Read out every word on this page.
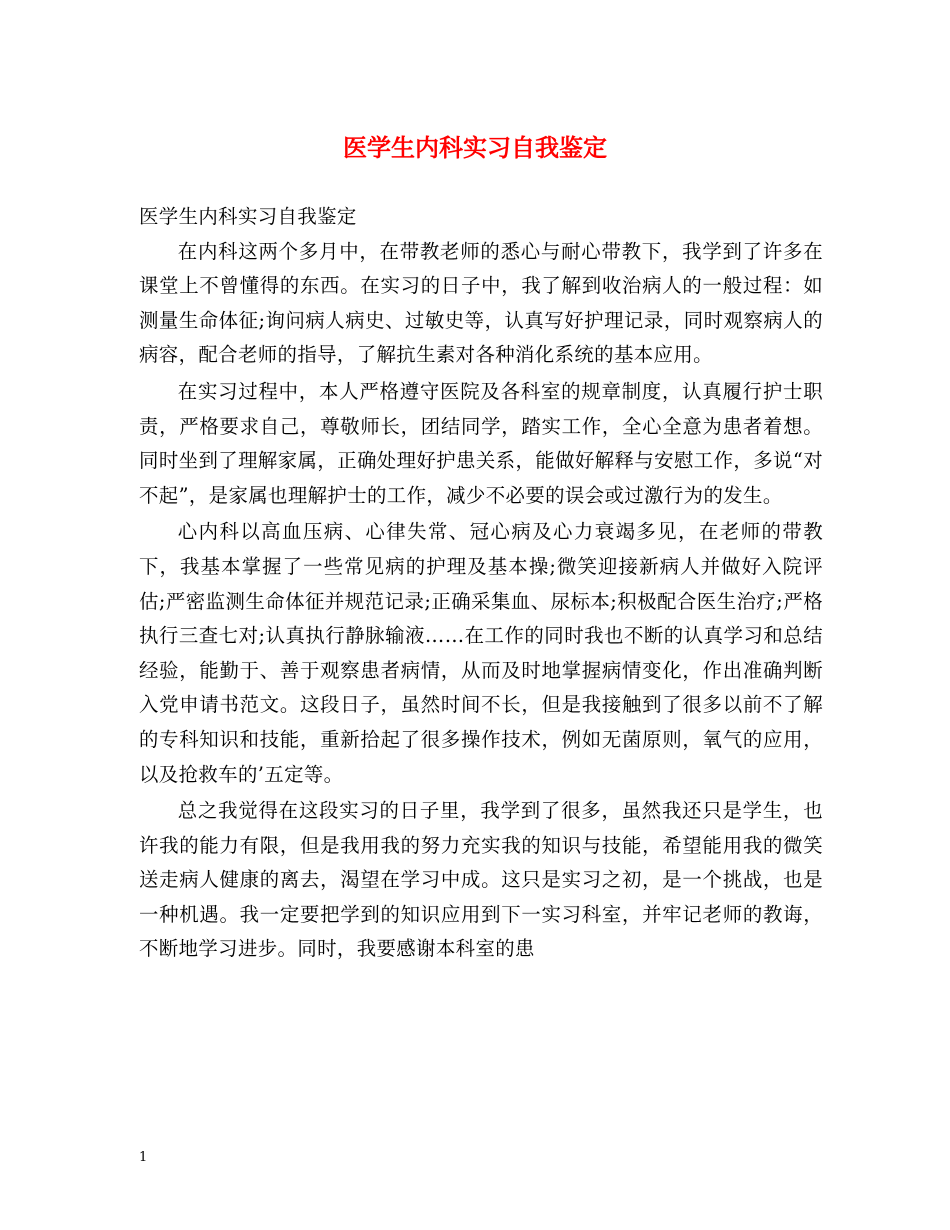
医学生内科实习自我鉴定

医学生内科实习自我鉴定

在内科这两个多月中，在带教老师的悉心与耐心带教下，我学到了许多在课堂上不曾懂得的东西。在实习的日子中，我了解到收治病人的一般过程：如测量生命体征;询问病人病史、过敏史等，认真写好护理记录，同时观察病人的病容，配合老师的指导，了解抗生素对各种消化系统的基本应用。

在实习过程中，本人严格遵守医院及各科室的规章制度，认真履行护士职责，严格要求自己，尊敬师长，团结同学，踏实工作，全心全意为患者着想。同时坐到了理解家属，正确处理好护患关系，能做好解释与安慰工作，多说“对不起”，是家属也理解护士的工作，减少不必要的误会或过激行为的发生。

心内科以高血压病、心律失常、冠心病及心力衰竭多见，在老师的带教下，我基本掌握了一些常见病的护理及基本操;微笑迎接新病人并做好入院评估;严密监测生命体征并规范记录;正确采集血、尿标本;积极配合医生治疗;严格执行三查七对;认真执行静脉输液……在工作的同时我也不断的认真学习和总结经验，能勤于、善于观察患者病情，从而及时地掌握病情变化，作出准确判断入党申请书范文。这段日子，虽然时间不长，但是我接触到了很多以前不了解的专科知识和技能，重新拾起了很多操作技术，例如无菌原则，氧气的应用，以及抢救车的’五定等。

总之我觉得在这段实习的日子里，我学到了很多，虽然我还只是学生，也许我的能力有限，但是我用我的努力充实我的知识与技能，希望能用我的微笑送走病人健康的离去，渴望在学习中成。这只是实习之初，是一个挑战，也是一种机遇。我一定要把学到的知识应用到下一实习科室，并牢记老师的教诲，不断地学习进步。同时，我要感谢本科室的患

1
